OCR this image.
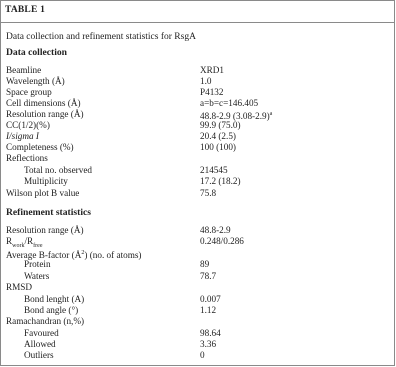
TABLE 1
Data collection and refinement statistics for RsgA
Data collection
Beamline	XRD1
Wavelength (Å)	1.0
Space group	P4132
Cell dimensions (Å)	a=b=c=146.405
Resolution range (Å)	48.8-2.9 $(3.08-2.9)^a$
CC(1/2)(%)	99.9 (75.0)
I/sigma I	20.4 (2.5)
Completeness (%)	100 (100)
Reflections
Total no. observed	214545
Multiplicity	17.2 (18.2)
Wilson plot B value	75.8
Refinement statistics
Resolution range (Å)	48.8-2.9
$R_{work}/R_{free}$	0.248/0.286
Average B-factor $(Å^2)$ (no. of atoms)
Protein	89
Waters	78.7
RMSD
Bond lenght (A)	0.007
Bond angle (°)	1.12
Ramachandran (n,%)
Favoured	98.64
Allowed	3.36
Outliers	0
